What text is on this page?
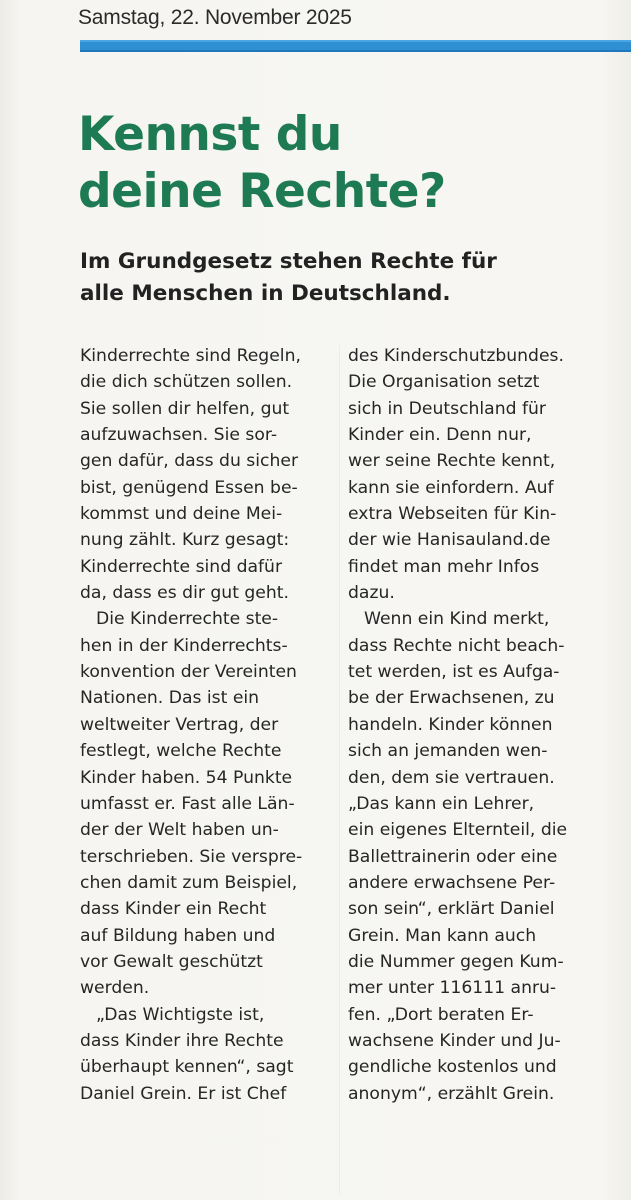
Samstag, 22. November 2025
Kennst du
deine Rechte?
Im Grundgesetz stehen Rechte für
alle Menschen in Deutschland.
Kinderrechte sind Regeln,
die dich schützen sollen.
Sie sollen dir helfen, gut
aufzuwachsen. Sie sor-
gen dafür, dass du sicher
bist, genügend Essen be-
kommst und deine Mei-
nung zählt. Kurz gesagt:
Kinderrechte sind dafür
da, dass es dir gut geht.
Die Kinderrechte ste-
hen in der Kinderrechts-
konvention der Vereinten
Nationen. Das ist ein
weltweiter Vertrag, der
festlegt, welche Rechte
Kinder haben. 54 Punkte
umfasst er. Fast alle Län-
der der Welt haben un-
terschrieben. Sie verspre-
chen damit zum Beispiel,
dass Kinder ein Recht
auf Bildung haben und
vor Gewalt geschützt
werden.
„Das Wichtigste ist,
dass Kinder ihre Rechte
überhaupt kennen“, sagt
Daniel Grein. Er ist Chef
des Kinderschutzbundes.
Die Organisation setzt
sich in Deutschland für
Kinder ein. Denn nur,
wer seine Rechte kennt,
kann sie einfordern. Auf
extra Webseiten für Kin-
der wie Hanisauland.de
findet man mehr Infos
dazu.
Wenn ein Kind merkt,
dass Rechte nicht beach-
tet werden, ist es Aufga-
be der Erwachsenen, zu
handeln. Kinder können
sich an jemanden wen-
den, dem sie vertrauen.
„Das kann ein Lehrer,
ein eigenes Elternteil, die
Ballettrainerin oder eine
andere erwachsene Per-
son sein“, erklärt Daniel
Grein. Man kann auch
die Nummer gegen Kum-
mer unter 116111 anru-
fen. „Dort beraten Er-
wachsene Kinder und Ju-
gendliche kostenlos und
anonym“, erzählt Grein.
